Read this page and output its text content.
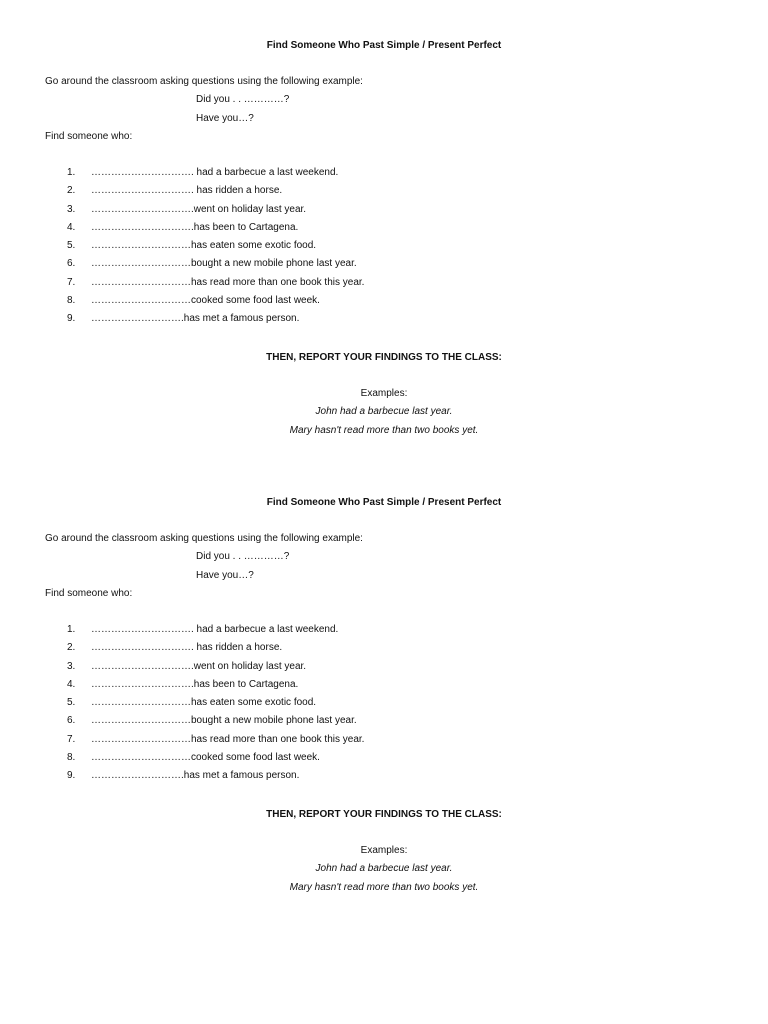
Find Someone Who Past Simple / Present Perfect
Go around the classroom asking questions using the following example:
Did you . . …………?
Have you…?
Find someone who:
1. …………………………. had a barbecue a last weekend.
2. …………………………. has ridden a horse.
3. ………………………….went on holiday last year.
4. ………………………….has been to Cartagena.
5. …………………………has eaten some exotic food.
6. …………………………bought a new mobile phone last year.
7. …………………………has read more than one book this year.
8. …………………………cooked some food last week.
9. ……………………….has met a famous person.
THEN, REPORT YOUR FINDINGS TO THE CLASS:
Examples:
John had a barbecue last year.
Mary hasn't read more than two books yet.
Find Someone Who Past Simple / Present Perfect
Go around the classroom asking questions using the following example:
Did you . . …………?
Have you…?
Find someone who:
1. …………………………. had a barbecue a last weekend.
2. …………………………. has ridden a horse.
3. ………………………….went on holiday last year.
4. ………………………….has been to Cartagena.
5. …………………………has eaten some exotic food.
6. …………………………bought a new mobile phone last year.
7. …………………………has read more than one book this year.
8. …………………………cooked some food last week.
9. ……………………….has met a famous person.
THEN, REPORT YOUR FINDINGS TO THE CLASS:
Examples:
John had a barbecue last year.
Mary hasn't read more than two books yet.
